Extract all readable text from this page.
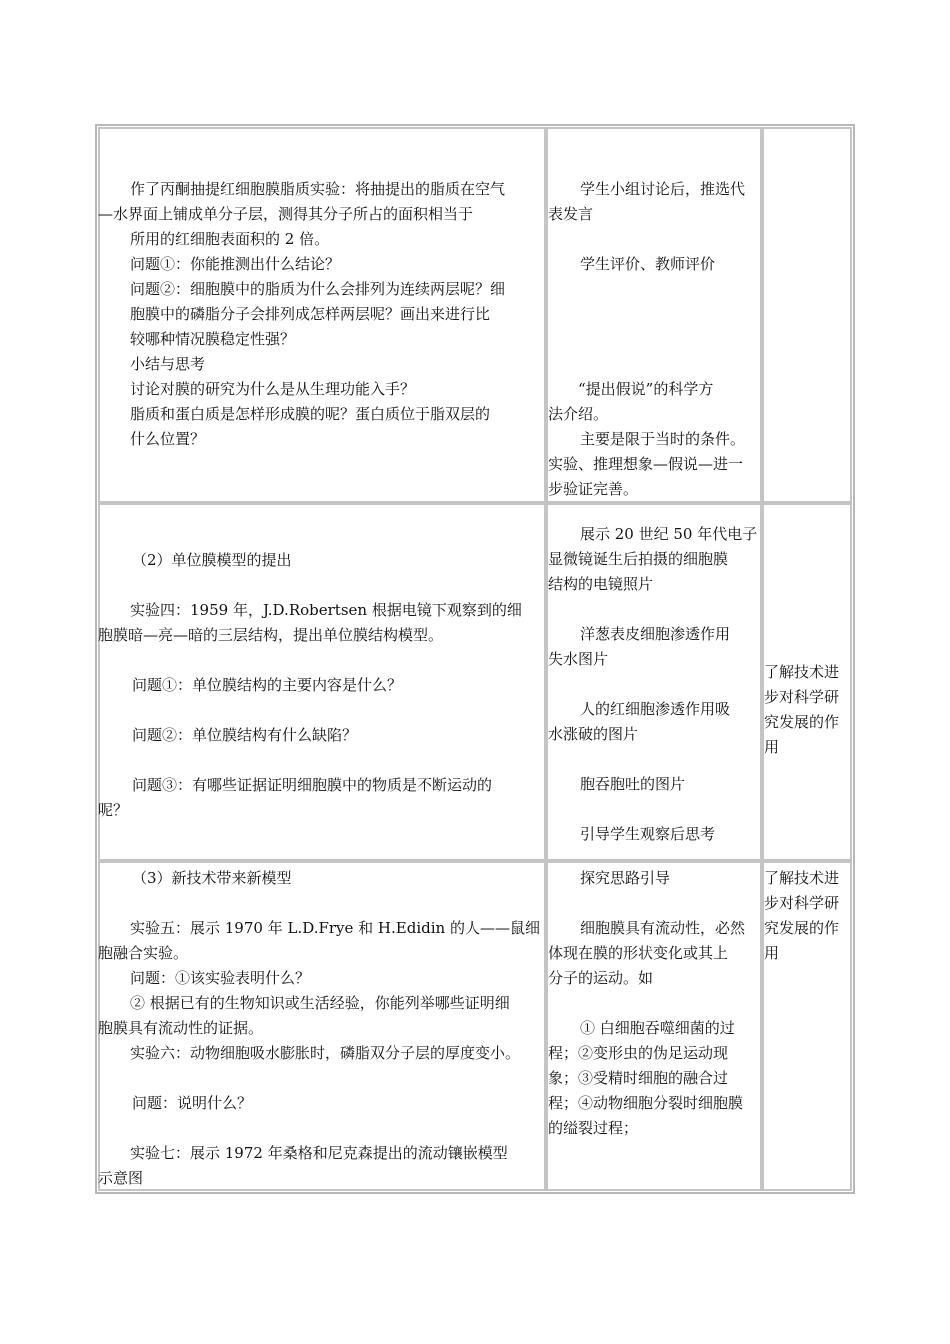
作了丙酮抽提红细胞膜脂质实验：将抽提出的脂质在空气
—水界面上铺成单分子层，测得其分子所占的面积相当于
所用的红细胞表面积的 2 倍。
问题①：你能推测出什么结论？
问题②：细胞膜中的脂质为什么会排列为连续两层呢？细
胞膜中的磷脂分子会排列成怎样两层呢？画出来进行比
较哪种情况膜稳定性强？
小结与思考
讨论对膜的研究为什么是从生理功能入手？
脂质和蛋白质是怎样形成膜的呢？蛋白质位于脂双层的
什么位置？
学生小组讨论后，推选代
表发言
学生评价、教师评价
“提出假说”的科学方
法介绍。
主要是限于当时的条件。
实验、推理想象—假说—进一
步验证完善。
（2）单位膜模型的提出
实验四：1959 年，J.D.Robertsen 根据电镜下观察到的细
胞膜暗—亮—暗的三层结构，提出单位膜结构模型。
问题①：单位膜结构的主要内容是什么？
问题②：单位膜结构有什么缺陷？
问题③：有哪些证据证明细胞膜中的物质是不断运动的
呢？
展示 20 世纪 50 年代电子
显微镜诞生后拍摄的细胞膜
结构的电镜照片
洋葱表皮细胞渗透作用
失水图片
人的红细胞渗透作用吸
水涨破的图片
胞吞胞吐的图片
引导学生观察后思考
了解技术进
步对科学研
究发展的作
用
（3）新技术带来新模型
实验五：展示 1970 年 L.D.Frye 和 H.Edidin 的人——鼠细
胞融合实验。
问题：①该实验表明什么？
② 根据已有的生物知识或生活经验，你能列举哪些证明细
胞膜具有流动性的证据。
实验六：动物细胞吸水膨胀时，磷脂双分子层的厚度变小。
问题：说明什么？
实验七：展示 1972 年桑格和尼克森提出的流动镶嵌模型
示意图
探究思路引导
细胞膜具有流动性，必然
体现在膜的形状变化或其上
分子的运动。如
① 白细胞吞噬细菌的过
程；②变形虫的伪足运动现
象；③受精时细胞的融合过
程；④动物细胞分裂时细胞膜
的缢裂过程；
了解技术进
步对科学研
究发展的作
用
